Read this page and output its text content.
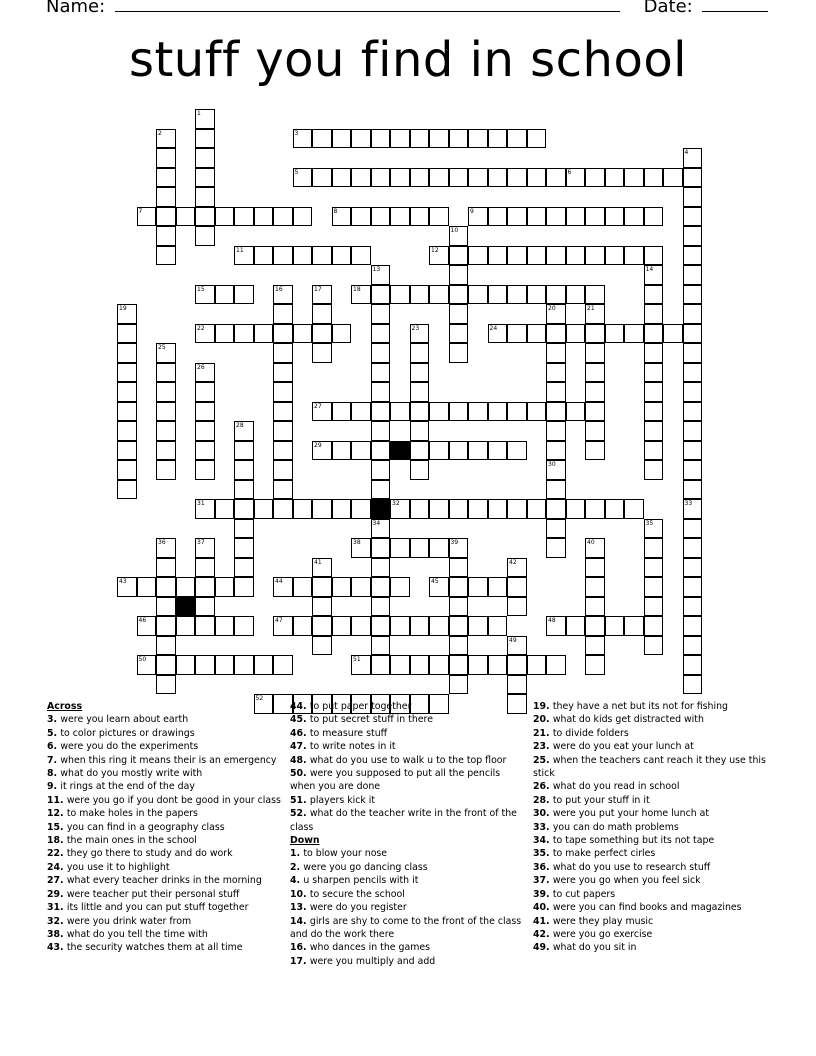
Name:	Date:
stuff you find in school
1
2	3
4
5	6
7	8	9
10
11	12
13	14
15	16	17	18
19	20	21
22	23	24
25
26
27
28
29
30
31	32	33
34	35
36	37	38	39	40
41	42
43	44	45
46	47	48
49
50	51
52
Across
3. were you learn about earth
5. to color pictures or drawings
6. were you do the experiments
7. when this ring it means their is an emergency
8. what do you mostly write with
9. it rings at the end of the day
11. were you go if you dont be good in your class
12. to make holes in the papers
15. you can find in a geography class
18. the main ones in the school
22. they go there to study and do work
24. you use it to highlight
27. what every teacher drinks in the morning
29. were teacher put their personal stuff
31. its little and you can put stuff together
32. were you drink water from
38. what do you tell the time with
43. the security watches them at all time
44. to put paper together
45. to put secret stuff in there
46. to measure stuff
47. to write notes in it
48. what do you use to walk u to the top floor
50. were you supposed to put all the pencils when you are done
51. players kick it
52. what do the teacher write in the front of the class
Down
1. to blow your nose
2. were you go dancing class
4. u sharpen pencils with it
10. to secure the school
13. were do you register
14. girls are shy to come to the front of the class and do the work there
16. who dances in the games
17. were you multiply and add
19. they have a net but its not for fishing
20. what do kids get distracted with
21. to divide folders
23. were do you eat your lunch at
25. when the teachers cant reach it they use this stick
26. what do you read in school
28. to put your stuff in it
30. were you put your home lunch at
33. you can do math problems
34. to tape something but its not tape
35. to make perfect cirles
36. what do you use to research stuff
37. were you go when you feel sick
39. to cut papers
40. were you can find books and magazines
41. were they play music
42. were you go exercise
49. what do you sit in
